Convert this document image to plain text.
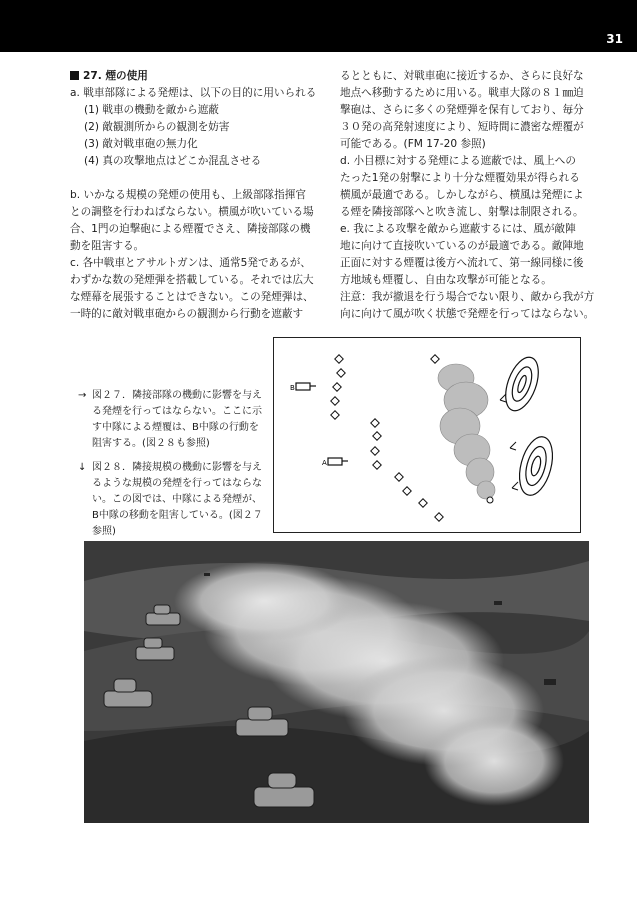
31

27. 煙の使用

a. 戦車部隊による発煙は、以下の目的に用いられる

(1) 戦車の機動を敵から遮蔽

(2) 敵観測所からの観測を妨害

(3) 敵対戦車砲の無力化

(4) 真の攻撃地点はどこか混乱させる

b. いかなる規模の発煙の使用も、上級部隊指揮官

との調整を行わねばならない。横風が吹いている場

合、1門の迫撃砲による煙覆でさえ、隣接部隊の機

動を阻害する。

c. 各中戦車とアサルトガンは、通常5発であるが、

わずかな数の発煙弾を搭載している。それでは広大

な煙幕を展張することはできない。この発煙弾は、

一時的に敵対戦車砲からの観測から行動を遮蔽す

るとともに、対戦車砲に接近するか、さらに良好な

地点へ移動するために用いる。戦車大隊の８１㎜迫

撃砲は、さらに多くの発煙弾を保有しており、毎分

３０発の高発射速度により、短時間に濃密な煙覆が

可能である。(FM 17-20 参照)

d. 小目標に対する発煙による遮蔽では、風上への

たった1発の射撃により十分な煙覆効果が得られる

横風が最適である。しかしながら、横風は発煙によ

る煙を隣接部隊へと吹き流し、射撃は制限される。

e. 我による攻撃を敵から遮蔽するには、風が敵陣

地に向けて直接吹いているのが最適である。敵陣地

正面に対する煙覆は後方へ流れて、第一線同様に後

方地域も煙覆し、自由な攻撃が可能となる。

注意：我が撤退を行う場合でない限り、敵から我が方

向に向けて風が吹く状態で発煙を行ってはならない。

→ 図２７．隣接部隊の機動に影響を与え
る発煙を行ってはならない。ここに示
す中隊による煙覆は、B中隊の行動を
阻害する。(図２８も参照)
↓ 図２８．隣接規模の機動に影響を与え
るような規模の発煙を行ってはならな
い。この図では、中隊による発煙が、
B中隊の移動を阻害している。(図２７
参照)
B
A
